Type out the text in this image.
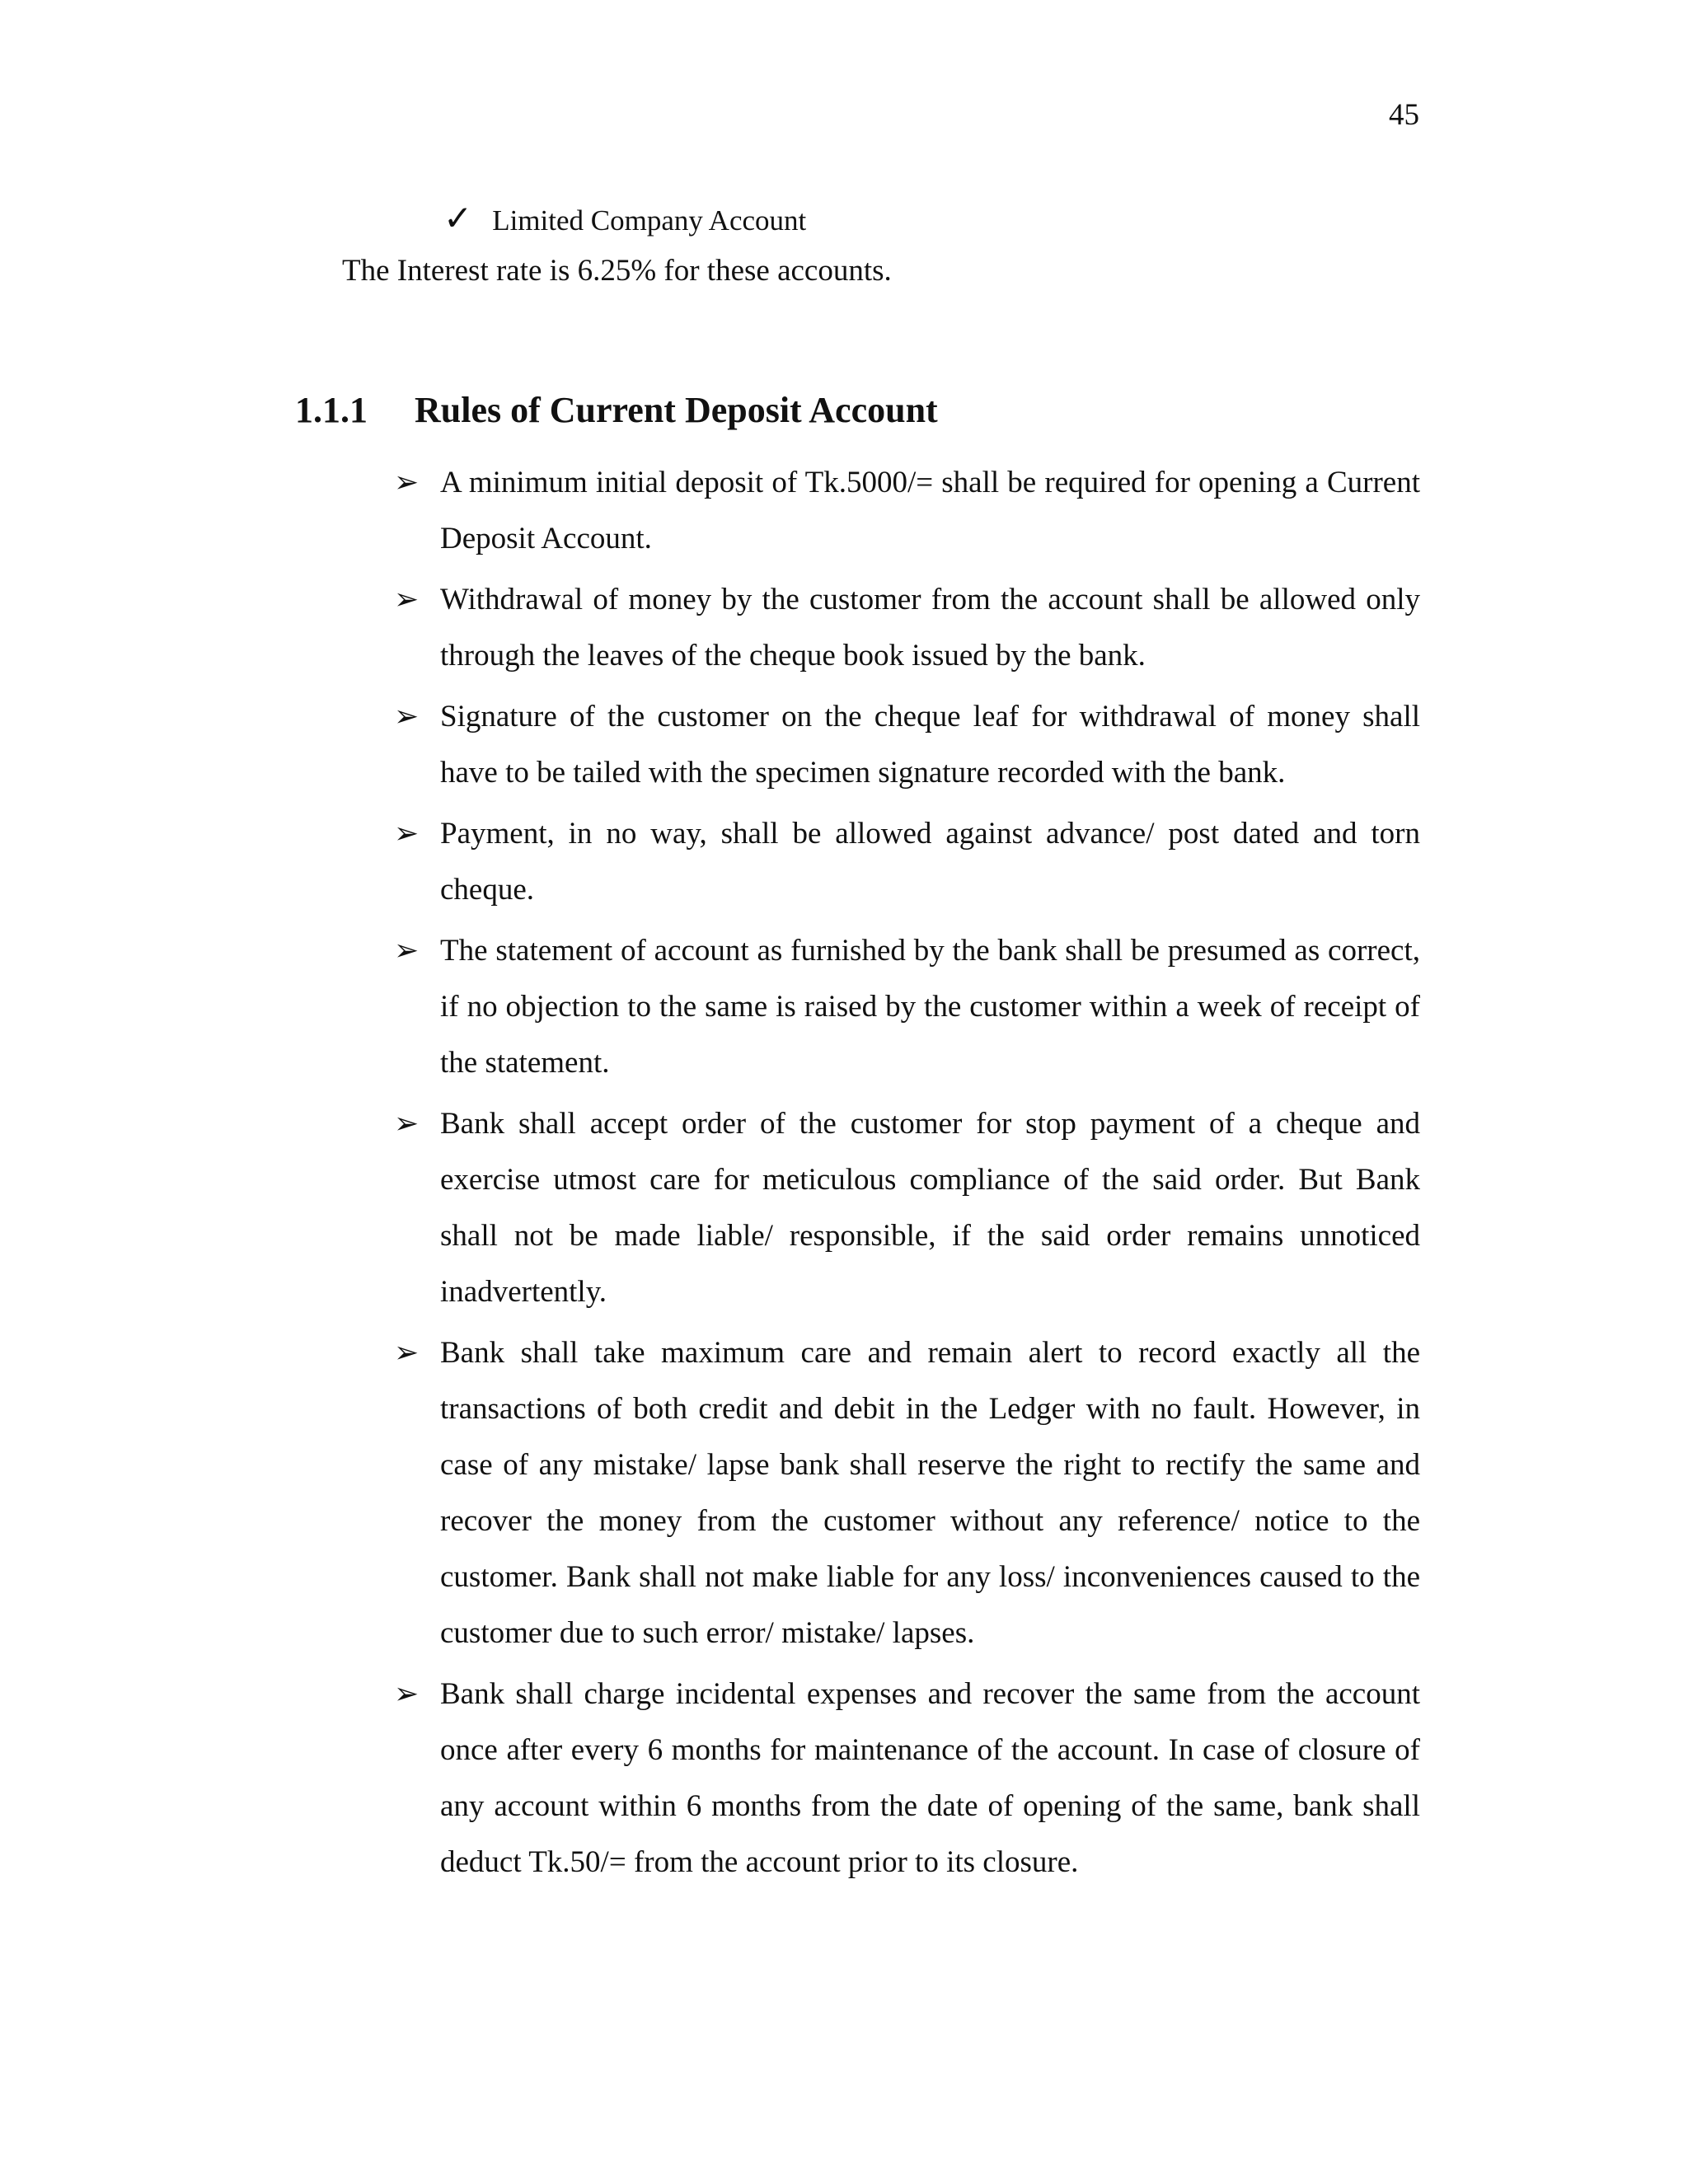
45
✓ Limited Company Account
The Interest rate is 6.25% for these accounts.
1.1.1	Rules of Current Deposit Account
➢ A minimum initial deposit of Tk.5000/= shall be required for opening a Current Deposit Account.
➢ Withdrawal of money by the customer from the account shall be allowed only through the leaves of the cheque book issued by the bank.
➢ Signature of the customer on the cheque leaf for withdrawal of money shall have to be tailed with the specimen signature recorded with the bank.
➢ Payment, in no way, shall be allowed against advance/ post dated and torn cheque.
➢ The statement of account as furnished by the bank shall be presumed as correct, if no objection to the same is raised by the customer within a week of receipt of the statement.
➢ Bank shall accept order of the customer for stop payment of a cheque and exercise utmost care for meticulous compliance of the said order. But Bank shall not be made liable/ responsible, if the said order remains unnoticed inadvertently.
➢ Bank shall take maximum care and remain alert to record exactly all the transactions of both credit and debit in the Ledger with no fault. However, in case of any mistake/ lapse bank shall reserve the right to rectify the same and recover the money from the customer without any reference/ notice to the customer. Bank shall not make liable for any loss/ inconveniences caused to the customer due to such error/ mistake/ lapses.
➢ Bank shall charge incidental expenses and recover the same from the account once after every 6 months for maintenance of the account. In case of closure of any account within 6 months from the date of opening of the same, bank shall deduct Tk.50/= from the account prior to its closure.
